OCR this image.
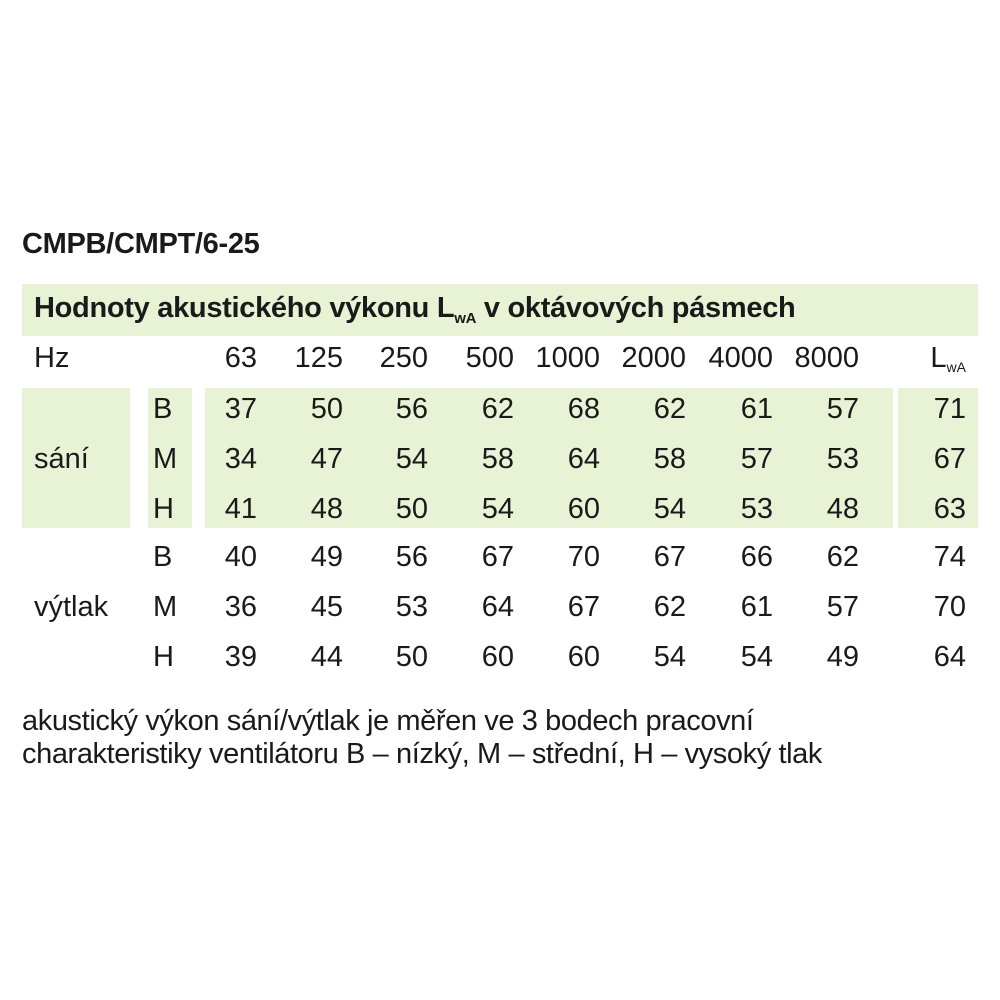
CMPB/CMPT/6-25
Hodnoty akustického výkonu $L_{wA}$ v oktávových pásmech
Hz	63	125	250	500 1000 2000 4000 8000	$L_{wA}$
sání
B	37	50	56	62	68	62	61	57	71
M	34	47	54	58	64	58	57	53	67
H	41	48	50	54	60	54	53	48	63
výtlak
B	40	49	56	67	70	67	66	62	74
M	36	45	53	64	67	62	61	57	70
H	39	44	50	60	60	54	54	49	64
akustický výkon sání/výtlak je měřen ve 3 bodech pracovní
charakteristiky ventilátoru B – nízký, M – střední, H – vysoký tlak
